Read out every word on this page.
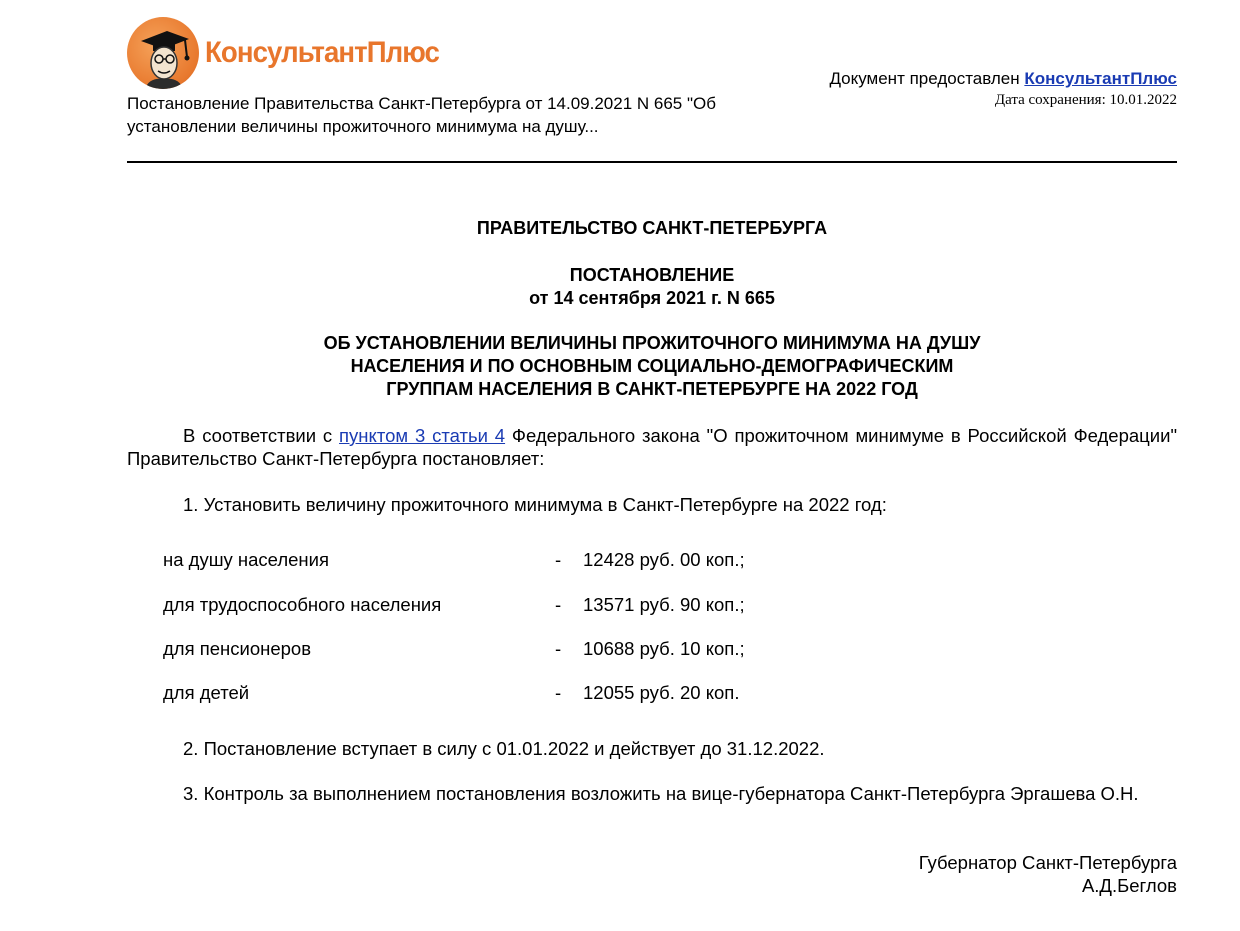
КонсультантПлюс
Постановление Правительства Санкт-Петербурга от 14.09.2021 N 665 "Об установлении величины прожиточного минимума на душу...
Документ предоставлен КонсультантПлюс
Дата сохранения: 10.01.2022
ПРАВИТЕЛЬСТВО САНКТ-ПЕТЕРБУРГА
ПОСТАНОВЛЕНИЕ
от 14 сентября 2021 г. N 665
ОБ УСТАНОВЛЕНИИ ВЕЛИЧИНЫ ПРОЖИТОЧНОГО МИНИМУМА НА ДУШУ
НАСЕЛЕНИЯ И ПО ОСНОВНЫМ СОЦИАЛЬНО-ДЕМОГРАФИЧЕСКИМ
ГРУППАМ НАСЕЛЕНИЯ В САНКТ-ПЕТЕРБУРГЕ НА 2022 ГОД
В соответствии с пунктом 3 статьи 4 Федерального закона "О прожиточном минимуме в Российской Федерации" Правительство Санкт-Петербурга постановляет:
1. Установить величину прожиточного минимума в Санкт-Петербурге на 2022 год:
на душу населения	- 12428 руб. 00 коп.;
для трудоспособного населения	- 13571 руб. 90 коп.;
для пенсионеров	- 10688 руб. 10 коп.;
для детей	- 12055 руб. 20 коп.
2. Постановление вступает в силу с 01.01.2022 и действует до 31.12.2022.
3. Контроль за выполнением постановления возложить на вице-губернатора Санкт-Петербурга Эргашева О.Н.
Губернатор Санкт-Петербурга
А.Д.Беглов
